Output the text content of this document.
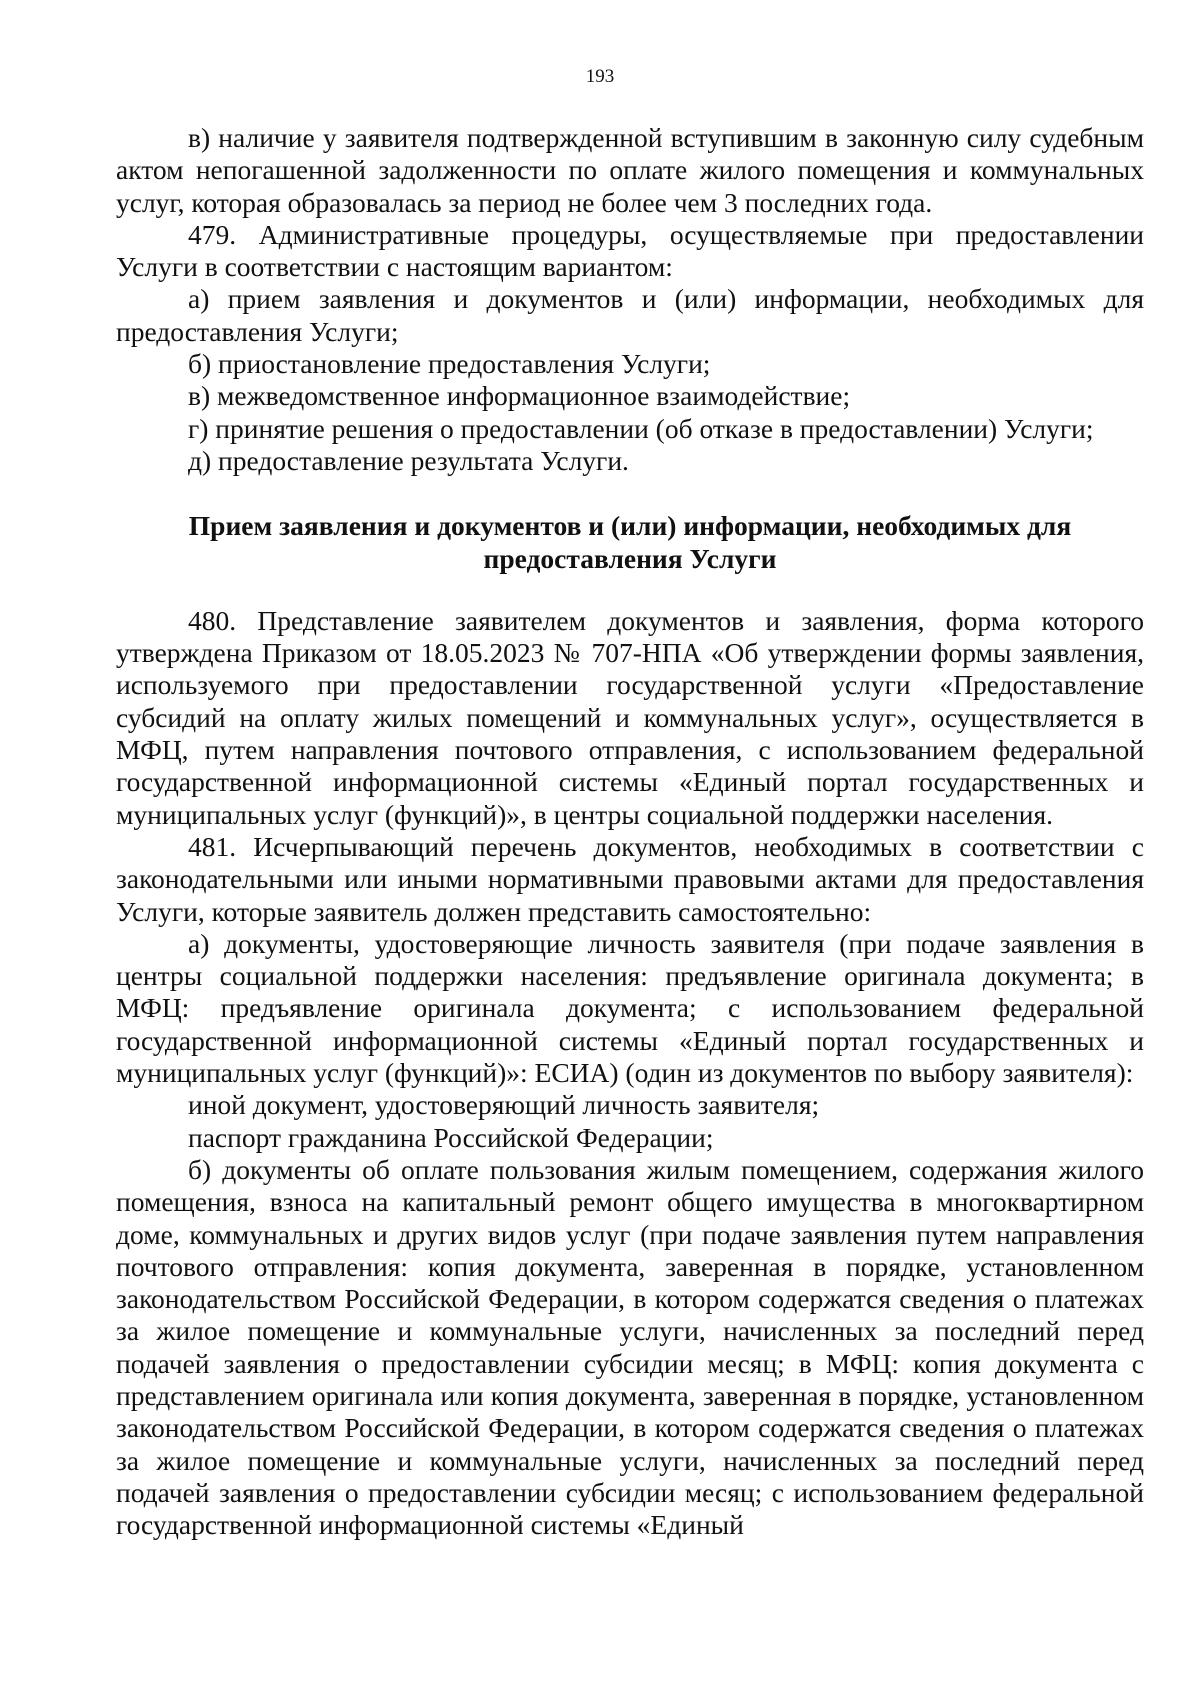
193

в) наличие у заявителя подтвержденной вступившим в законную силу судебным актом непогашенной задолженности по оплате жилого помещения и коммунальных услуг, которая образовалась за период не более чем 3 последних года.

479. Административные процедуры, осуществляемые при предоставлении Услуги в соответствии с настоящим вариантом:

а) прием заявления и документов и (или) информации, необходимых для предоставления Услуги;

б) приостановление предоставления Услуги;

в) межведомственное информационное взаимодействие;

г) принятие решения о предоставлении (об отказе в предоставлении) Услуги;

д) предоставление результата Услуги.

Прием заявления и документов и (или) информации, необходимых для
предоставления Услуги

480. Представление заявителем документов и заявления, форма которого утверждена Приказом от 18.05.2023 № 707-НПА «Об утверждении формы заявления, используемого при предоставлении государственной услуги «Предоставление субсидий на оплату жилых помещений и коммунальных услуг», осуществляется в МФЦ, путем направления почтового отправления, с использованием федеральной государственной информационной системы «Единый портал государственных и муниципальных услуг (функций)», в центры социальной поддержки населения.

481. Исчерпывающий перечень документов, необходимых в соответствии с законодательными или иными нормативными правовыми актами для предоставления Услуги, которые заявитель должен представить самостоятельно:

а) документы, удостоверяющие личность заявителя (при подаче заявления в центры социальной поддержки населения: предъявление оригинала документа; в МФЦ: предъявление оригинала документа; с использованием федеральной государственной информационной системы «Единый портал государственных и муниципальных услуг (функций)»: ЕСИА) (один из документов по выбору заявителя):

иной документ, удостоверяющий личность заявителя;

паспорт гражданина Российской Федерации;

б) документы об оплате пользования жилым помещением, содержания жилого помещения, взноса на капитальный ремонт общего имущества в многоквартирном доме, коммунальных и других видов услуг (при подаче заявления путем направления почтового отправления: копия документа, заверенная в порядке, установленном законодательством Российской Федерации, в котором содержатся сведения о платежах за жилое помещение и коммунальные услуги, начисленных за последний перед подачей заявления о предоставлении субсидии месяц; в МФЦ: копия документа с представлением оригинала или копия документа, заверенная в порядке, установленном законодательством Российской Федерации, в котором содержатся сведения о платежах за жилое помещение и коммунальные услуги, начисленных за последний перед подачей заявления о предоставлении субсидии месяц; с использованием федеральной государственной информационной системы «Единый
